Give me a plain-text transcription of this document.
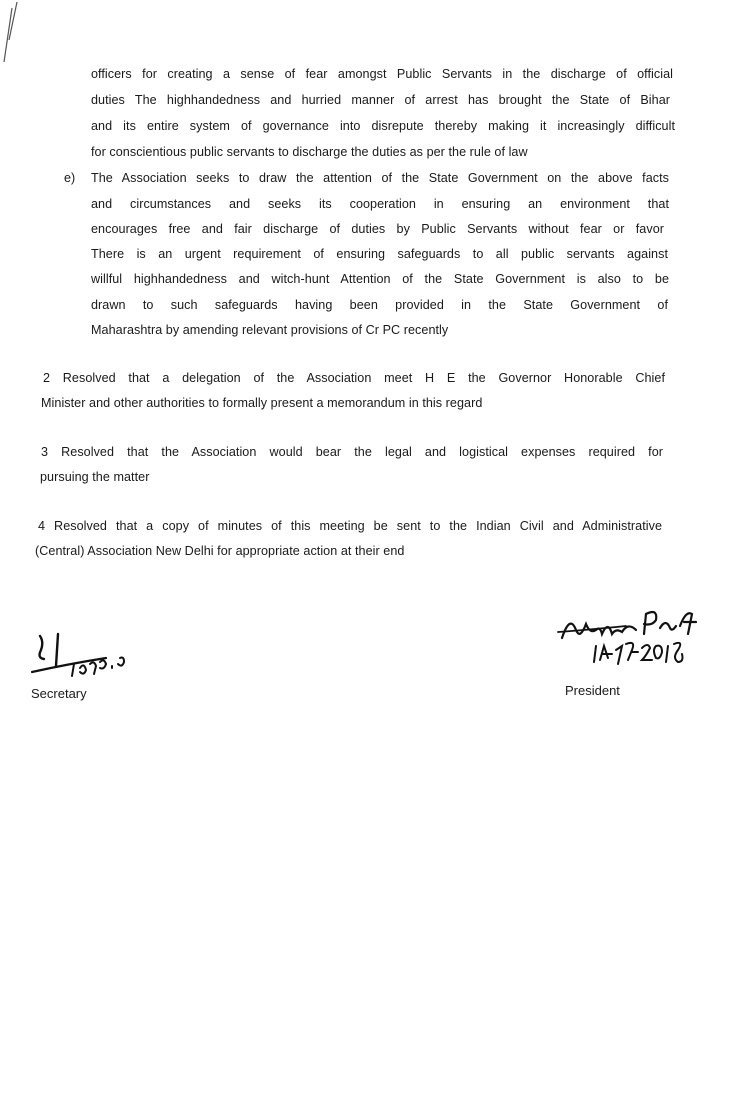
officers for creating a sense of fear amongst Public Servants in the discharge of official
duties The highhandedness and hurried manner of arrest has brought the State of Bihar
and its entire system of governance into disrepute thereby making it increasingly difficult
for conscientious public servants to discharge the duties as per the rule of law
e) The Association seeks to draw the attention of the State Government on the above facts
and circumstances and seeks its cooperation in ensuring an environment that
encourages free and fair discharge of duties by Public Servants without fear or favor
There is an urgent requirement of ensuring safeguards to all public servants against
willful highhandedness and witch-hunt Attention of the State Government is also to be
drawn to such safeguards having been provided in the State Government of
Maharashtra by amending relevant provisions of Cr PC recently
2 Resolved that a delegation of the Association meet H E the Governor Honorable Chief
Minister and other authorities to formally present a memorandum in this regard
3 Resolved that the Association would bear the legal and logistical expenses required for
pursuing the matter
4 Resolved that a copy of minutes of this meeting be sent to the Indian Civil and Administrative
(Central) Association New Delhi for appropriate action at their end
Secretary	President
